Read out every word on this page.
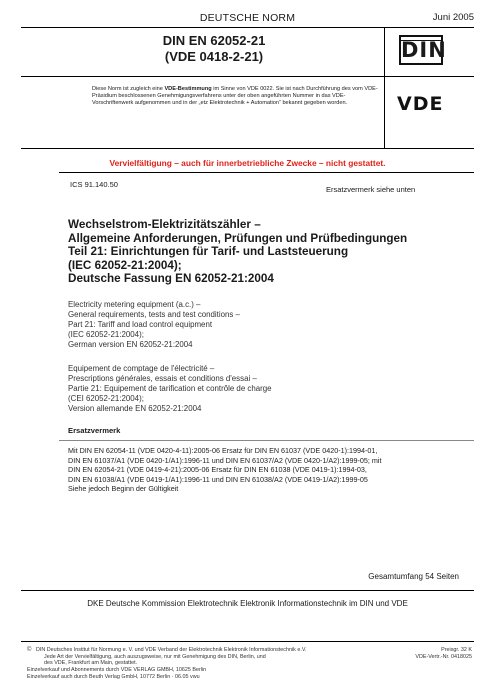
DEUTSCHE NORM	Juni 2005
DIN EN 62052-21
(VDE 0418-2-21)	DIN
Diese Norm ist zugleich eine VDE-Bestimmung im Sinne von VDE 0022. Sie ist nach Durchführung des vom VDE-Präsidium beschlossenen Genehmigungsverfahrens unter der oben angeführten Nummer in das VDE-Vorschriftenwerk aufgenommen und in der „etz Elektrotechnik + Automation“ bekannt gegeben worden.	VDE
Vervielfältigung – auch für innerbetriebliche Zwecke – nicht gestattet.
ICS 91.140.50
Ersatzvermerk siehe unten
Wechselstrom-Elektrizitätszähler –
Allgemeine Anforderungen, Prüfungen und Prüfbedingungen
Teil 21: Einrichtungen für Tarif- und Laststeuerung
(IEC 62052-21:2004);
Deutsche Fassung EN 62052-21:2004
Electricity metering equipment (a.c.) –
General requirements, tests and test conditions –
Part 21: Tariff and load control equipment
(IEC 62052-21:2004);
German version EN 62052-21:2004
Equipement de comptage de l'électricité –
Prescriptions générales, essais et conditions d'essai –
Partie 21: Equipement de tarification et contrôle de charge
(CEI 62052-21:2004);
Version allemande EN 62052-21:2004
Ersatzvermerk
Mit DIN EN 62054-11 (VDE 0420-4-11):2005-06 Ersatz für DIN EN 61037 (VDE 0420-1):1994-01,
DIN EN 61037/A1 (VDE 0420-1/A1):1996-11 und DIN EN 61037/A2 (VDE 0420-1/A2):1999-05; mit
DIN EN 62054-21 (VDE 0419-4-21):2005-06 Ersatz für DIN EN 61038 (VDE 0419-1):1994-03,
DIN EN 61038/A1 (VDE 0419-1/A1):1996-11 und DIN EN 61038/A2 (VDE 0419-1/A2):1999-05
Siehe jedoch Beginn der Gültigkeit
Gesamtumfang 54 Seiten
DKE Deutsche Kommission Elektrotechnik Elektronik Informationstechnik im DIN und VDE
© DIN Deutsches Institut für Normung e. V. und VDE Verband der Elektrotechnik Elektronik Informationstechnik e.V.
Jede Art der Vervielfältigung, auch auszugsweise, nur mit Genehmigung des DIN, Berlin, und
des VDE, Frankfurt am Main, gestattet.
Einzelverkauf und Abonnements durch VDE VERLAG GMBH, 10625 Berlin
Einzelverkauf auch durch Beuth Verlag GmbH, 10772 Berlin · 06.05 vwu
Preisgr. 32 K
VDE-Vertr.-Nr. 0418025
